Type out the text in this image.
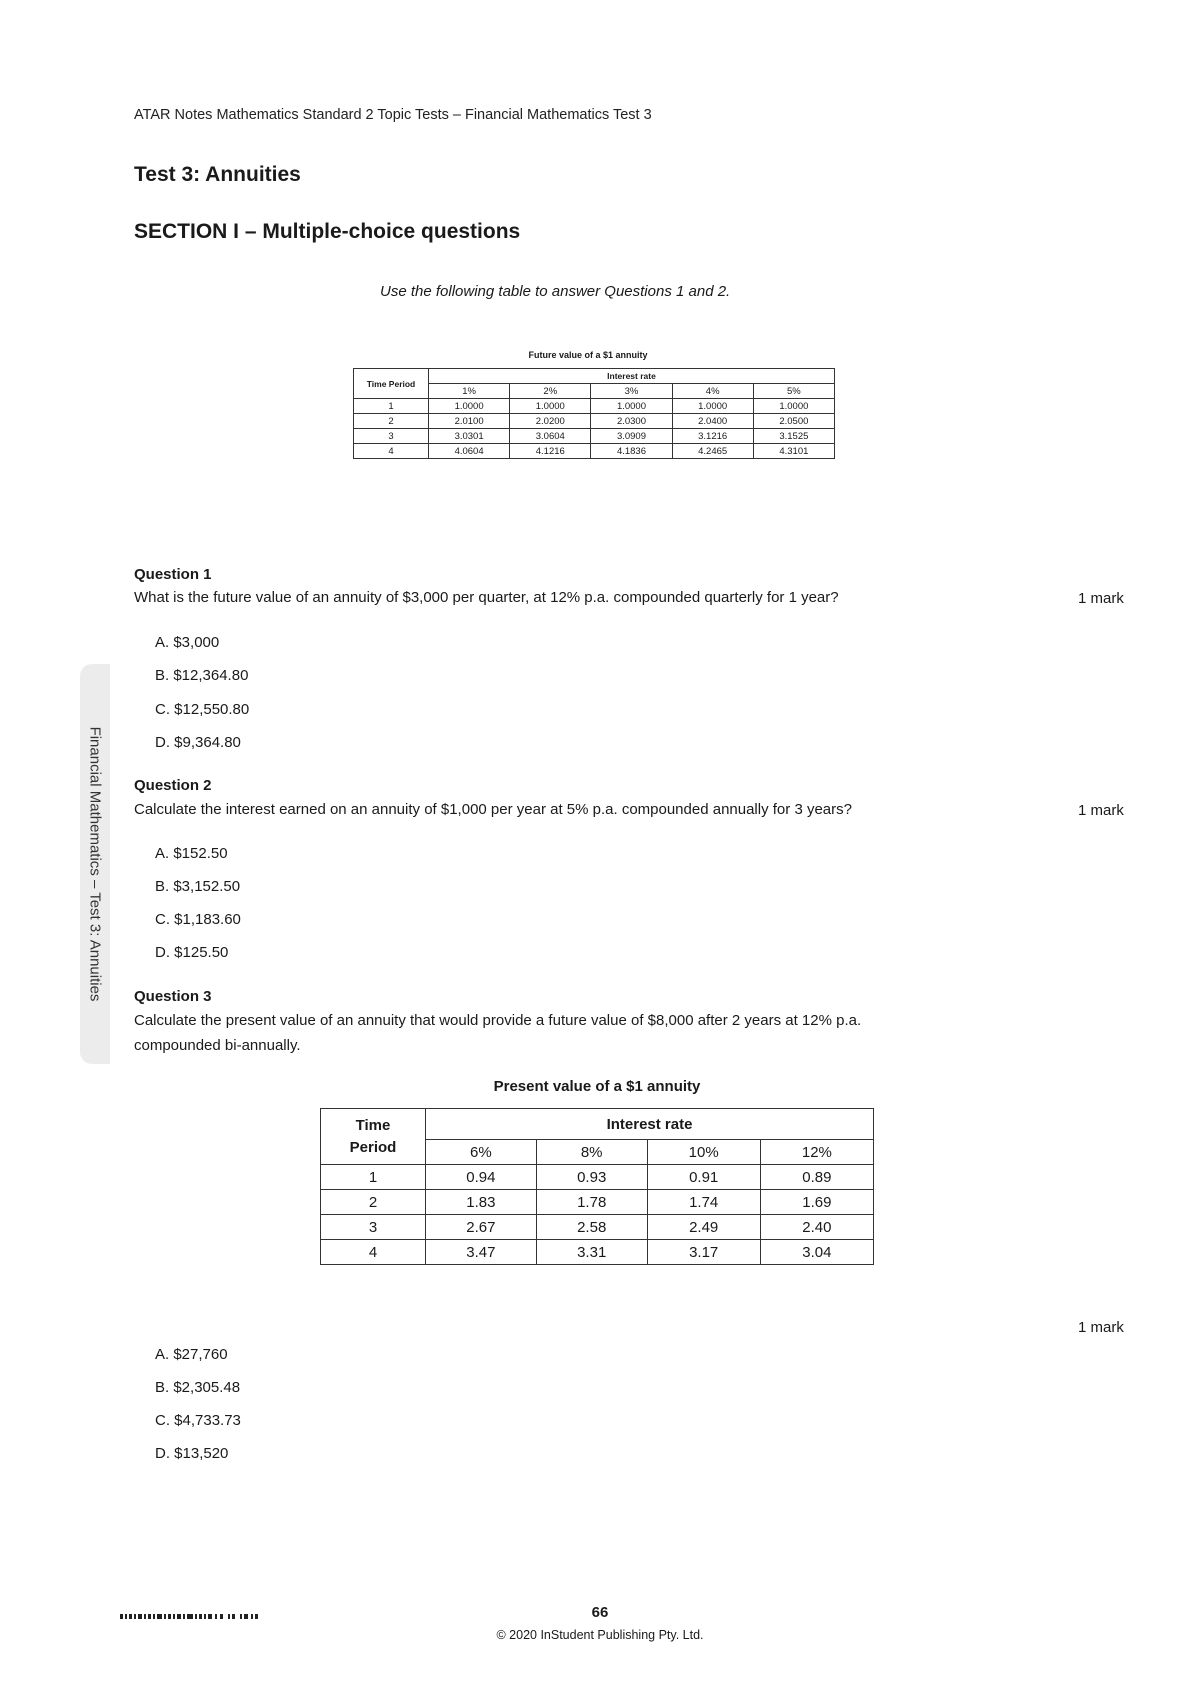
ATAR Notes Mathematics Standard 2 Topic Tests – Financial Mathematics Test 3
Test 3: Annuities
SECTION I – Multiple-choice questions
Use the following table to answer Questions 1 and 2.
Future value of a $1 annuity
Time Period	Interest rate				
	1%	2%	3%	4%	5%
1	1.0000	1.0000	1.0000	1.0000	1.0000
2	2.0100	2.0200	2.0300	2.0400	2.0500
3	3.0301	3.0604	3.0909	3.1216	3.1525
4	4.0604	4.1216	4.1836	4.2465	4.3101
Question 1
What is the future value of an annuity of $3,000 per quarter, at 12% p.a. compounded quarterly for 1 year?	1 mark
A. $3,000
B. $12,364.80
C. $12,550.80
D. $9,364.80
Question 2
Calculate the interest earned on an annuity of $1,000 per year at 5% p.a. compounded annually for 3 years?	1 mark
A. $152.50
B. $3,152.50
C. $1,183.60
D. $125.50
Question 3
Calculate the present value of an annuity that would provide a future value of $8,000 after 2 years at 12% p.a.
compounded bi-annually.
Present value of a $1 annuity
Time
Period	Interest rate			
	6%	8%	10%	12%
1	0.94	0.93	0.91	0.89
2	1.83	1.78	1.74	1.69
3	2.67	2.58	2.49	2.40
4	3.47	3.31	3.17	3.04
1 mark
A. $27,760
B. $2,305.48
C. $4,733.73
D. $13,520
Financial Mathematics – Test 3: Annuities
66
© 2020 InStudent Publishing Pty. Ltd.
